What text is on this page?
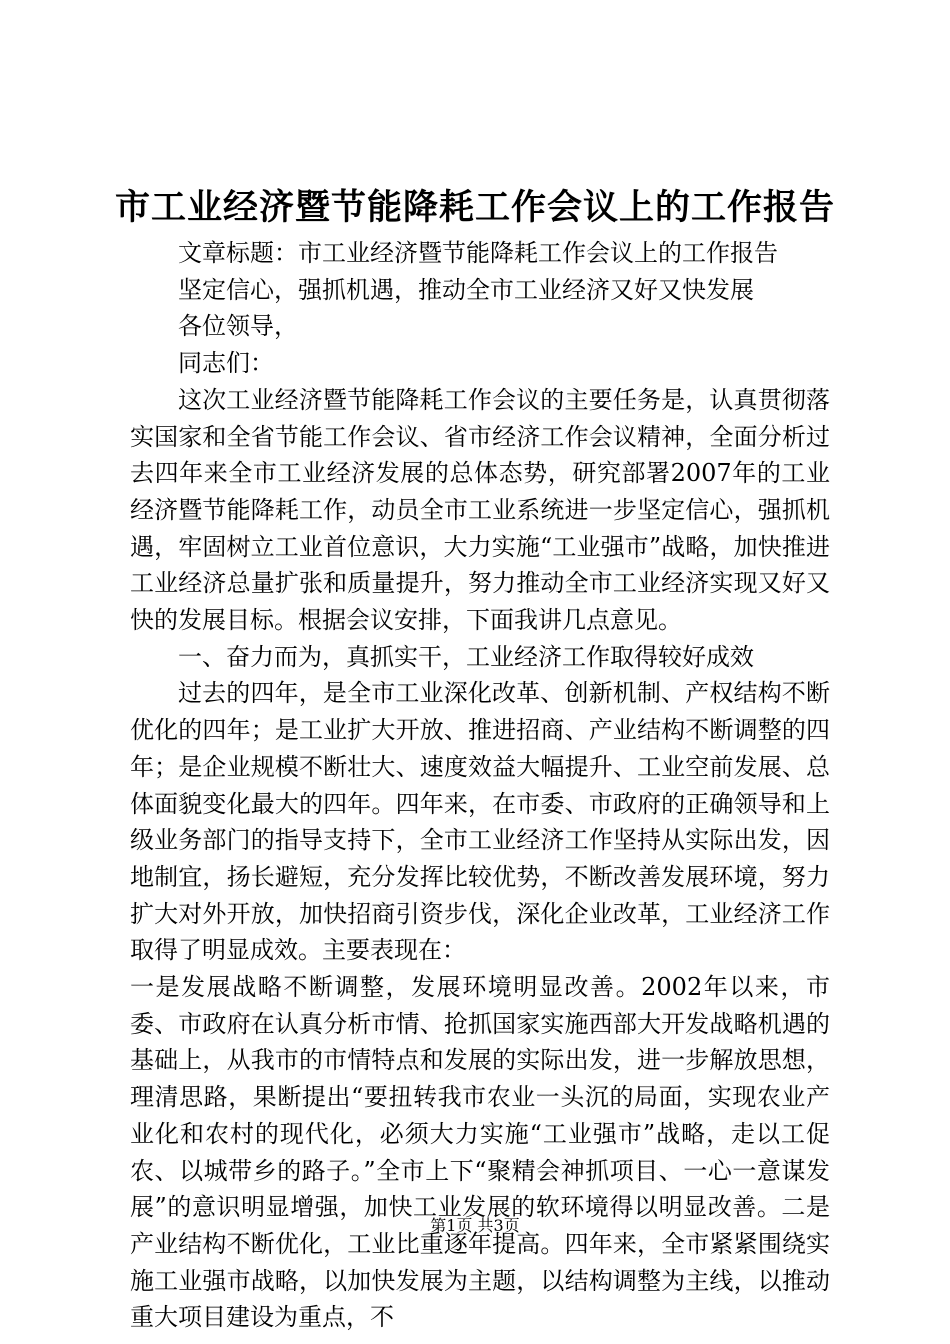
市工业经济暨节能降耗工作会议上的工作报告

文章标题：市工业经济暨节能降耗工作会议上的工作报告

坚定信心，强抓机遇，推动全市工业经济又好又快发展

各位领导，

同志们：

这次工业经济暨节能降耗工作会议的主要任务是，认真贯彻落实国家和全省节能工作会议、省市经济工作会议精神，全面分析过去四年来全市工业经济发展的总体态势，研究部署2007年的工业经济暨节能降耗工作，动员全市工业系统进一步坚定信心，强抓机遇，牢固树立工业首位意识，大力实施“工业强市”战略，加快推进工业经济总量扩张和质量提升，努力推动全市工业经济实现又好又快的发展目标。根据会议安排，下面我讲几点意见。

一、奋力而为，真抓实干，工业经济工作取得较好成效

过去的四年，是全市工业深化改革、创新机制、产权结构不断优化的四年；是工业扩大开放、推进招商、产业结构不断调整的四年；是企业规模不断壮大、速度效益大幅提升、工业空前发展、总体面貌变化最大的四年。四年来，在市委、市政府的正确领导和上级业务部门的指导支持下，全市工业经济工作坚持从实际出发，因地制宜，扬长避短，充分发挥比较优势，不断改善发展环境，努力扩大对外开放，加快招商引资步伐，深化企业改革，工业经济工作取得了明显成效。主要表现在：

一是发展战略不断调整，发展环境明显改善。2002年以来，市委、市政府在认真分析市情、抢抓国家实施西部大开发战略机遇的基础上，从我市的市情特点和发展的实际出发，进一步解放思想，理清思路，果断提出“要扭转我市农业一头沉的局面，实现农业产业化和农村的现代化，必须大力实施“工业强市”战略，走以工促农、以城带乡的路子。”全市上下“聚精会神抓项目、一心一意谋发展”的意识明显增强，加快工业发展的软环境得以明显改善。二是产业结构不断优化，工业比重逐年提高。四年来，全市紧紧围绕实施工业强市战略，以加快发展为主题，以结构调整为主线，以推动重大项目建设为重点，不

第1页 共3页
